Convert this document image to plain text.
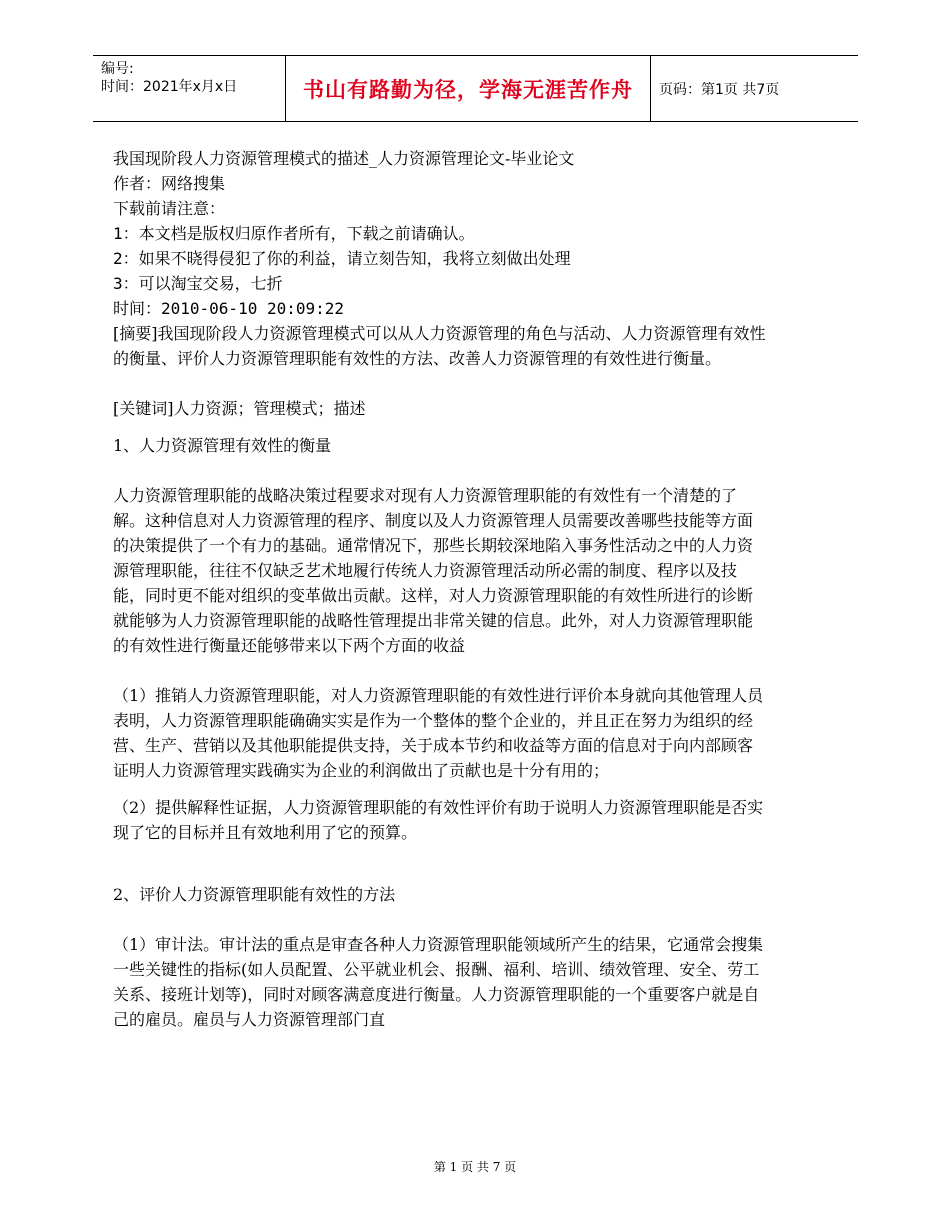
编号:
时间：2021年x月x日	书山有路勤为径，学海无涯苦作舟	页码：第1页 共7页

我国现阶段人力资源管理模式的描述_人力资源管理论文-毕业论文

作者：网络搜集

下载前请注意：

1：本文档是版权归原作者所有，下载之前请确认。

2：如果不晓得侵犯了你的利益，请立刻告知，我将立刻做出处理

3：可以淘宝交易，七折

时间：2010-06-10 20:09:22

[摘要]我国现阶段人力资源管理模式可以从人力资源管理的角色与活动、人力资源管理有效性的衡量、评价人力资源管理职能有效性的方法、改善人力资源管理的有效性进行衡量。

[关键词]人力资源；管理模式；描述

1、人力资源管理有效性的衡量

人力资源管理职能的战略决策过程要求对现有人力资源管理职能的有效性有一个清楚的了解。这种信息对人力资源管理的程序、制度以及人力资源管理人员需要改善哪些技能等方面的决策提供了一个有力的基础。通常情况下，那些长期较深地陷入事务性活动之中的人力资源管理职能，往往不仅缺乏艺术地履行传统人力资源管理活动所必需的制度、程序以及技能，同时更不能对组织的变革做出贡献。这样，对人力资源管理职能的有效性所进行的诊断就能够为人力资源管理职能的战略性管理提出非常关键的信息。此外，对人力资源管理职能的有效性进行衡量还能够带来以下两个方面的收益

（1）推销人力资源管理职能，对人力资源管理职能的有效性进行评价本身就向其他管理人员表明，人力资源管理职能确确实实是作为一个整体的整个企业的，并且正在努力为组织的经营、生产、营销以及其他职能提供支持，关于成本节约和收益等方面的信息对于向内部顾客证明人力资源管理实践确实为企业的利润做出了贡献也是十分有用的；

（2）提供解释性证据，人力资源管理职能的有效性评价有助于说明人力资源管理职能是否实现了它的目标并且有效地利用了它的预算。

2、评价人力资源管理职能有效性的方法

（1）审计法。审计法的重点是审查各种人力资源管理职能领域所产生的结果，它通常会搜集一些关键性的指标(如人员配置、公平就业机会、报酬、福利、培训、绩效管理、安全、劳工关系、接班计划等)，同时对顾客满意度进行衡量。人力资源管理职能的一个重要客户就是自己的雇员。雇员与人力资源管理部门直

第 1 页 共 7 页
